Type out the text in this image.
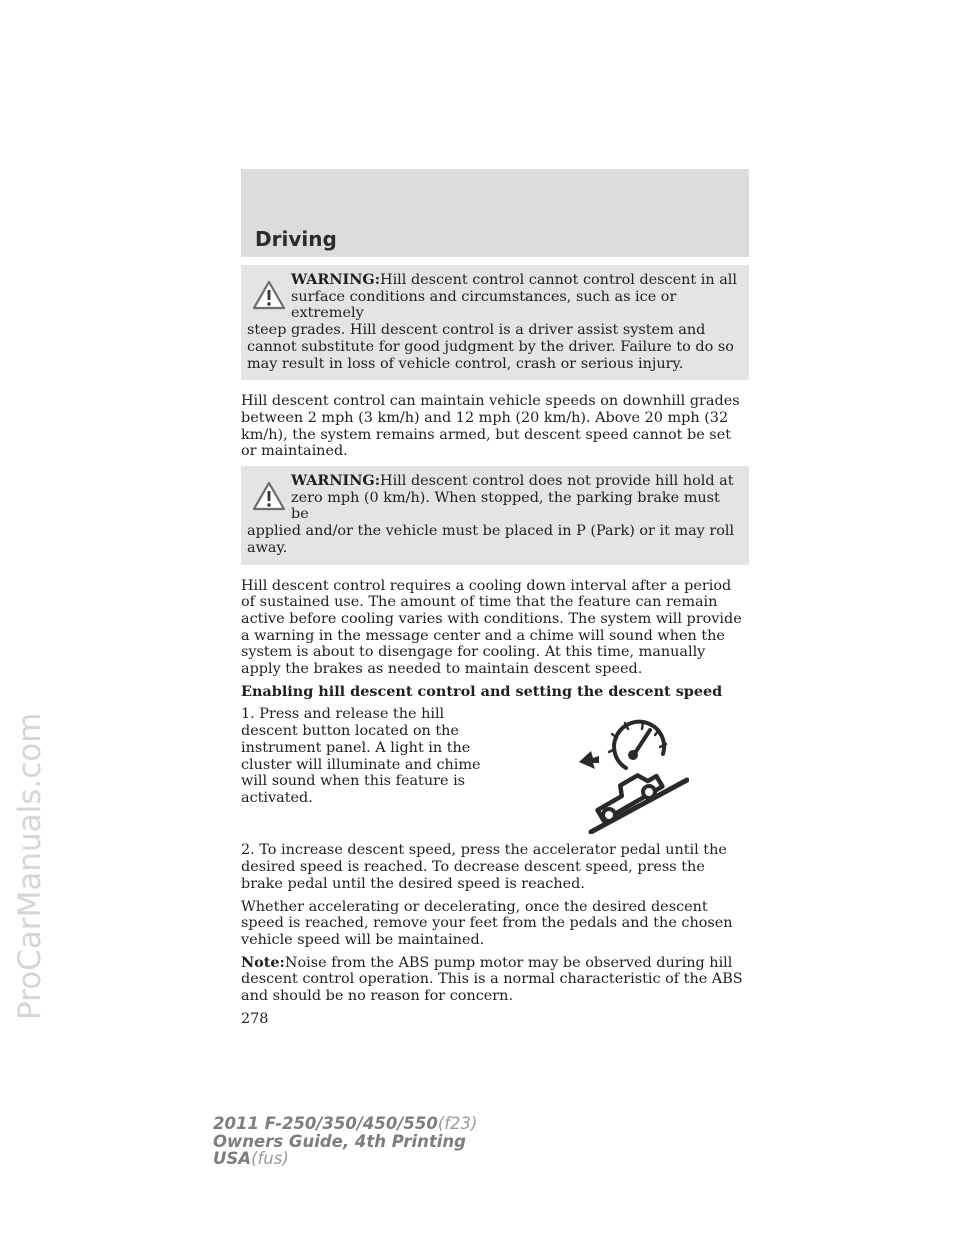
ProCarManuals.com
Driving

WARNING:Hill descent control cannot control descent in all

surface conditions and circumstances, such as ice or extremely

steep grades. Hill descent control is a driver assist system and cannot substitute for good judgment by the driver. Failure to do so may result in loss of vehicle control, crash or serious injury.

Hill descent control can maintain vehicle speeds on downhill grades between 2 mph (3 km/h) and 12 mph (20 km/h). Above 20 mph (32 km/h), the system remains armed, but descent speed cannot be set or maintained.

WARNING:Hill descent control does not provide hill hold at

zero mph (0 km/h). When stopped, the parking brake must be

applied and/or the vehicle must be placed in P (Park) or it may roll away.

Hill descent control requires a cooling down interval after a period of sustained use. The amount of time that the feature can remain active before cooling varies with conditions. The system will provide a warning in the message center and a chime will sound when the system is about to disengage for cooling. At this time, manually apply the brakes as needed to maintain descent speed.

Enabling hill descent control and setting the descent speed

1. Press and release the hill descent button located on the instrument panel. A light in the cluster will illuminate and chime will sound when this feature is activated.

2. To increase descent speed, press the accelerator pedal until the desired speed is reached. To decrease descent speed, press the brake pedal until the desired speed is reached.

Whether accelerating or decelerating, once the desired descent speed is reached, remove your feet from the pedals and the chosen vehicle speed will be maintained.

Note:Noise from the ABS pump motor may be observed during hill descent control operation. This is a normal characteristic of the ABS and should be no reason for concern.

278
2011 F-250/350/450/550(f23)
Owners Guide, 4th Printing
USA(fus)
